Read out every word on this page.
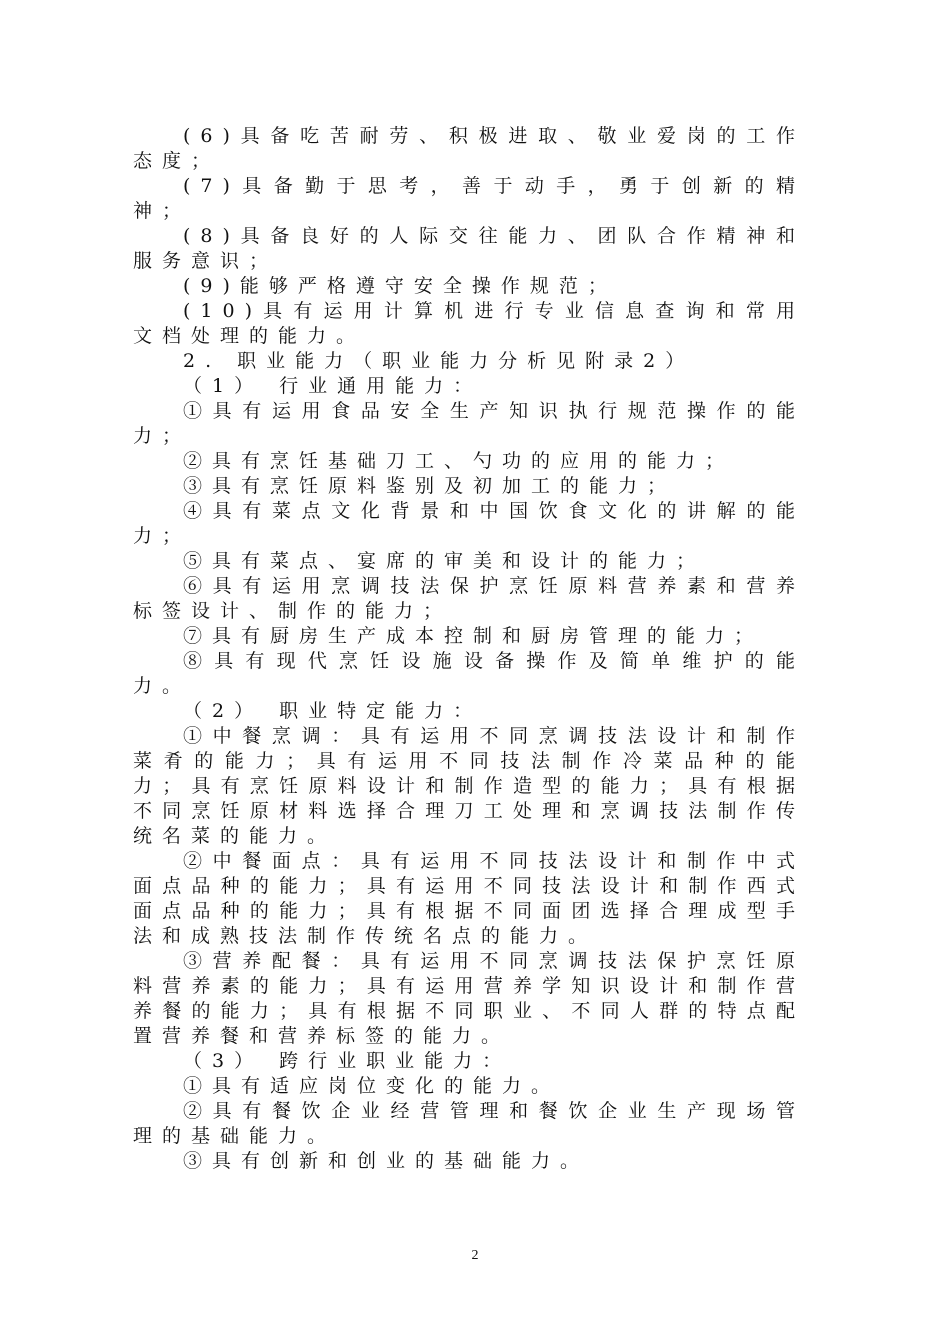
(6)具备吃苦耐劳、积极进取、敬业爱岗的工作态度；

(7)具备勤于思考，善于动手，勇于创新的精神；

(8)具备良好的人际交往能力、团队合作精神和服务意识；

(9)能够严格遵守安全操作规范；

(10)具有运用计算机进行专业信息查询和常用文档处理的能力。

2. 职业能力（职业能力分析见附录2）

（1） 行业通用能力：

①具有运用食品安全生产知识执行规范操作的能力；

②具有烹饪基础刀工、勺功的应用的能力；

③具有烹饪原料鉴别及初加工的能力；

④具有菜点文化背景和中国饮食文化的讲解的能力；

⑤具有菜点、宴席的审美和设计的能力；

⑥具有运用烹调技法保护烹饪原料营养素和营养标签设计、制作的能力；

⑦具有厨房生产成本控制和厨房管理的能力；

⑧具有现代烹饪设施设备操作及简单维护的能力。

（2） 职业特定能力：

①中餐烹调：具有运用不同烹调技法设计和制作菜肴的能力；具有运用不同技法制作冷菜品种的能力；具有烹饪原料设计和制作造型的能力；具有根据不同烹饪原材料选择合理刀工处理和烹调技法制作传统名菜的能力。

②中餐面点：具有运用不同技法设计和制作中式面点品种的能力；具有运用不同技法设计和制作西式面点品种的能力；具有根据不同面团选择合理成型手法和成熟技法制作传统名点的能力。

③营养配餐：具有运用不同烹调技法保护烹饪原料营养素的能力；具有运用营养学知识设计和制作营养餐的能力；具有根据不同职业、不同人群的特点配置营养餐和营养标签的能力。

（3） 跨行业职业能力：

①具有适应岗位变化的能力。

②具有餐饮企业经营管理和餐饮企业生产现场管理的基础能力。

③具有创新和创业的基础能力。

2
